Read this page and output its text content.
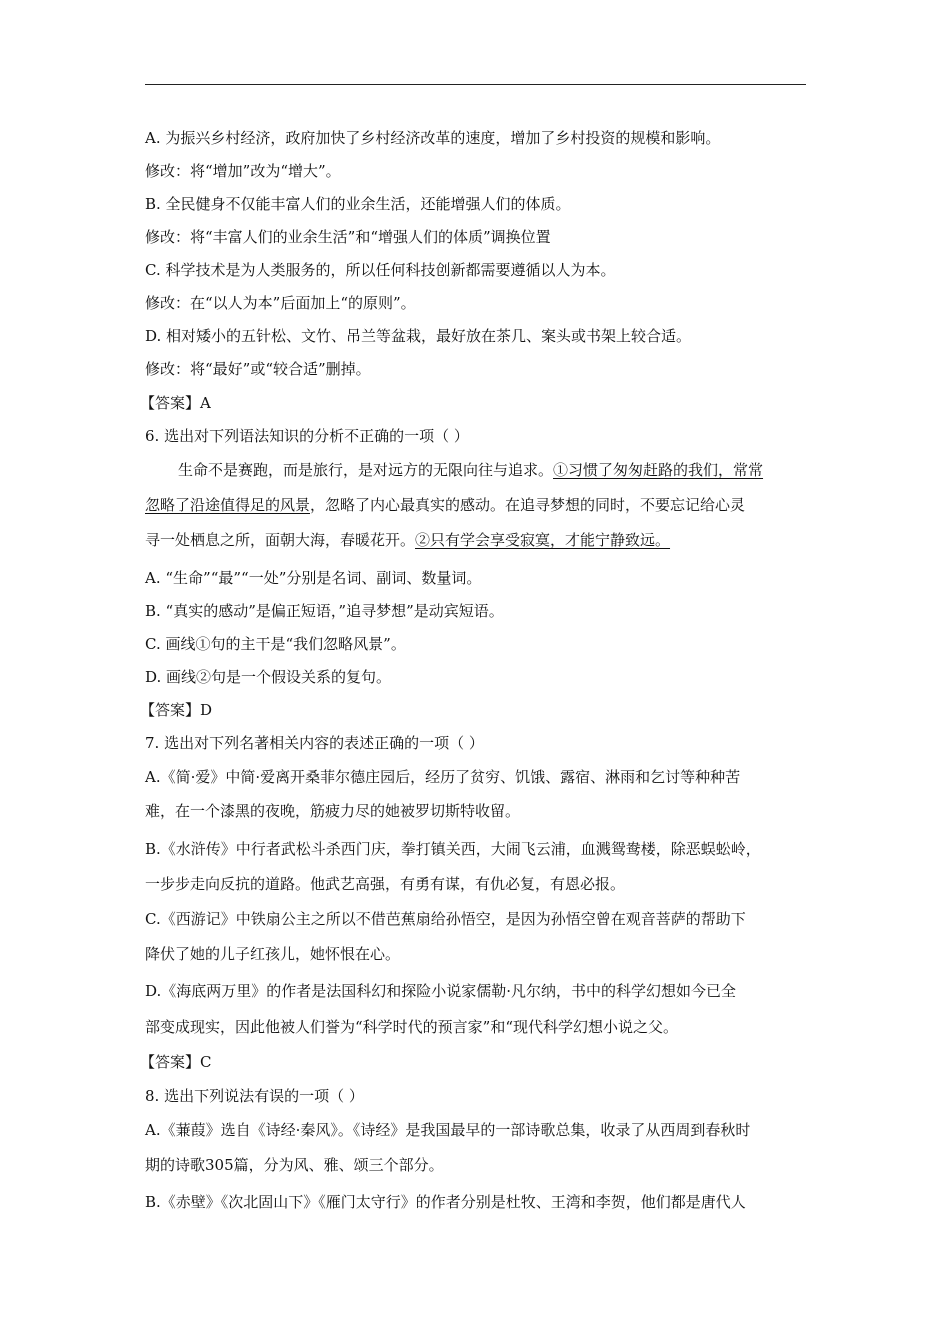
A. 为振兴乡村经济，政府加快了乡村经济改革的速度，增加了乡村投资的规模和影响。
修改：将“增加”改为“增大”。
B. 全民健身不仅能丰富人们的业余生活，还能增强人们的体质。
修改：将“丰富人们的业余生活”和“增强人们的体质”调换位置
C. 科学技术是为人类服务的，所以任何科技创新都需要遵循以人为本。
修改：在“以人为本”后面加上“的原则”。
D. 相对矮小的五针松、文竹、吊兰等盆栽，最好放在茶几、案头或书架上较合适。
修改：将“最好”或“较合适”删掉。
【答案】A
6. 选出对下列语法知识的分析不正确的一项（ ）
生命不是赛跑，而是旅行，是对远方的无限向往与追求。①习惯了匆匆赶路的我们，常常
忽略了沿途值得足的风景，忽略了内心最真实的感动。在追寻梦想的同时，不要忘记给心灵
寻一处栖息之所，面朝大海，春暖花开。②只有学会享受寂寞，才能宁静致远。
A. “生命”“最”“一处”分别是名词、副词、数量词。
B. “真实的感动”是偏正短语，”追寻梦想”是动宾短语。
C. 画线①句的主干是“我们忽略风景”。
D. 画线②句是一个假设关系的复句。
【答案】D
7. 选出对下列名著相关内容的表述正确的一项（ ）
A.《简·爱》中简·爱离开桑菲尔德庄园后，经历了贫穷、饥饿、露宿、淋雨和乞讨等种种苦
难，在一个漆黑的夜晚，筋疲力尽的她被罗切斯特收留。
B.《水浒传》中行者武松斗杀西门庆，拳打镇关西，大闹飞云浦，血溅鸳鸯楼，除恶蜈蚣岭，
一步步走向反抗的道路。他武艺高强，有勇有谋，有仇必复，有恩必报。
C.《西游记》中铁扇公主之所以不借芭蕉扇给孙悟空，是因为孙悟空曾在观音菩萨的帮助下
降伏了她的儿子红孩儿，她怀恨在心。
D.《海底两万里》的作者是法国科幻和探险小说家儒勒·凡尔纳，书中的科学幻想如今已全
部变成现实，因此他被人们誉为“科学时代的预言家”和“现代科学幻想小说之父。
【答案】C
8. 选出下列说法有误的一项（ ）
A.《蒹葭》选自《诗经·秦风》。《诗经》是我国最早的一部诗歌总集，收录了从西周到春秋时
期的诗歌305篇，分为风、雅、颂三个部分。
B.《赤壁》《次北固山下》《雁门太守行》的作者分别是杜牧、王湾和李贺，他们都是唐代人
